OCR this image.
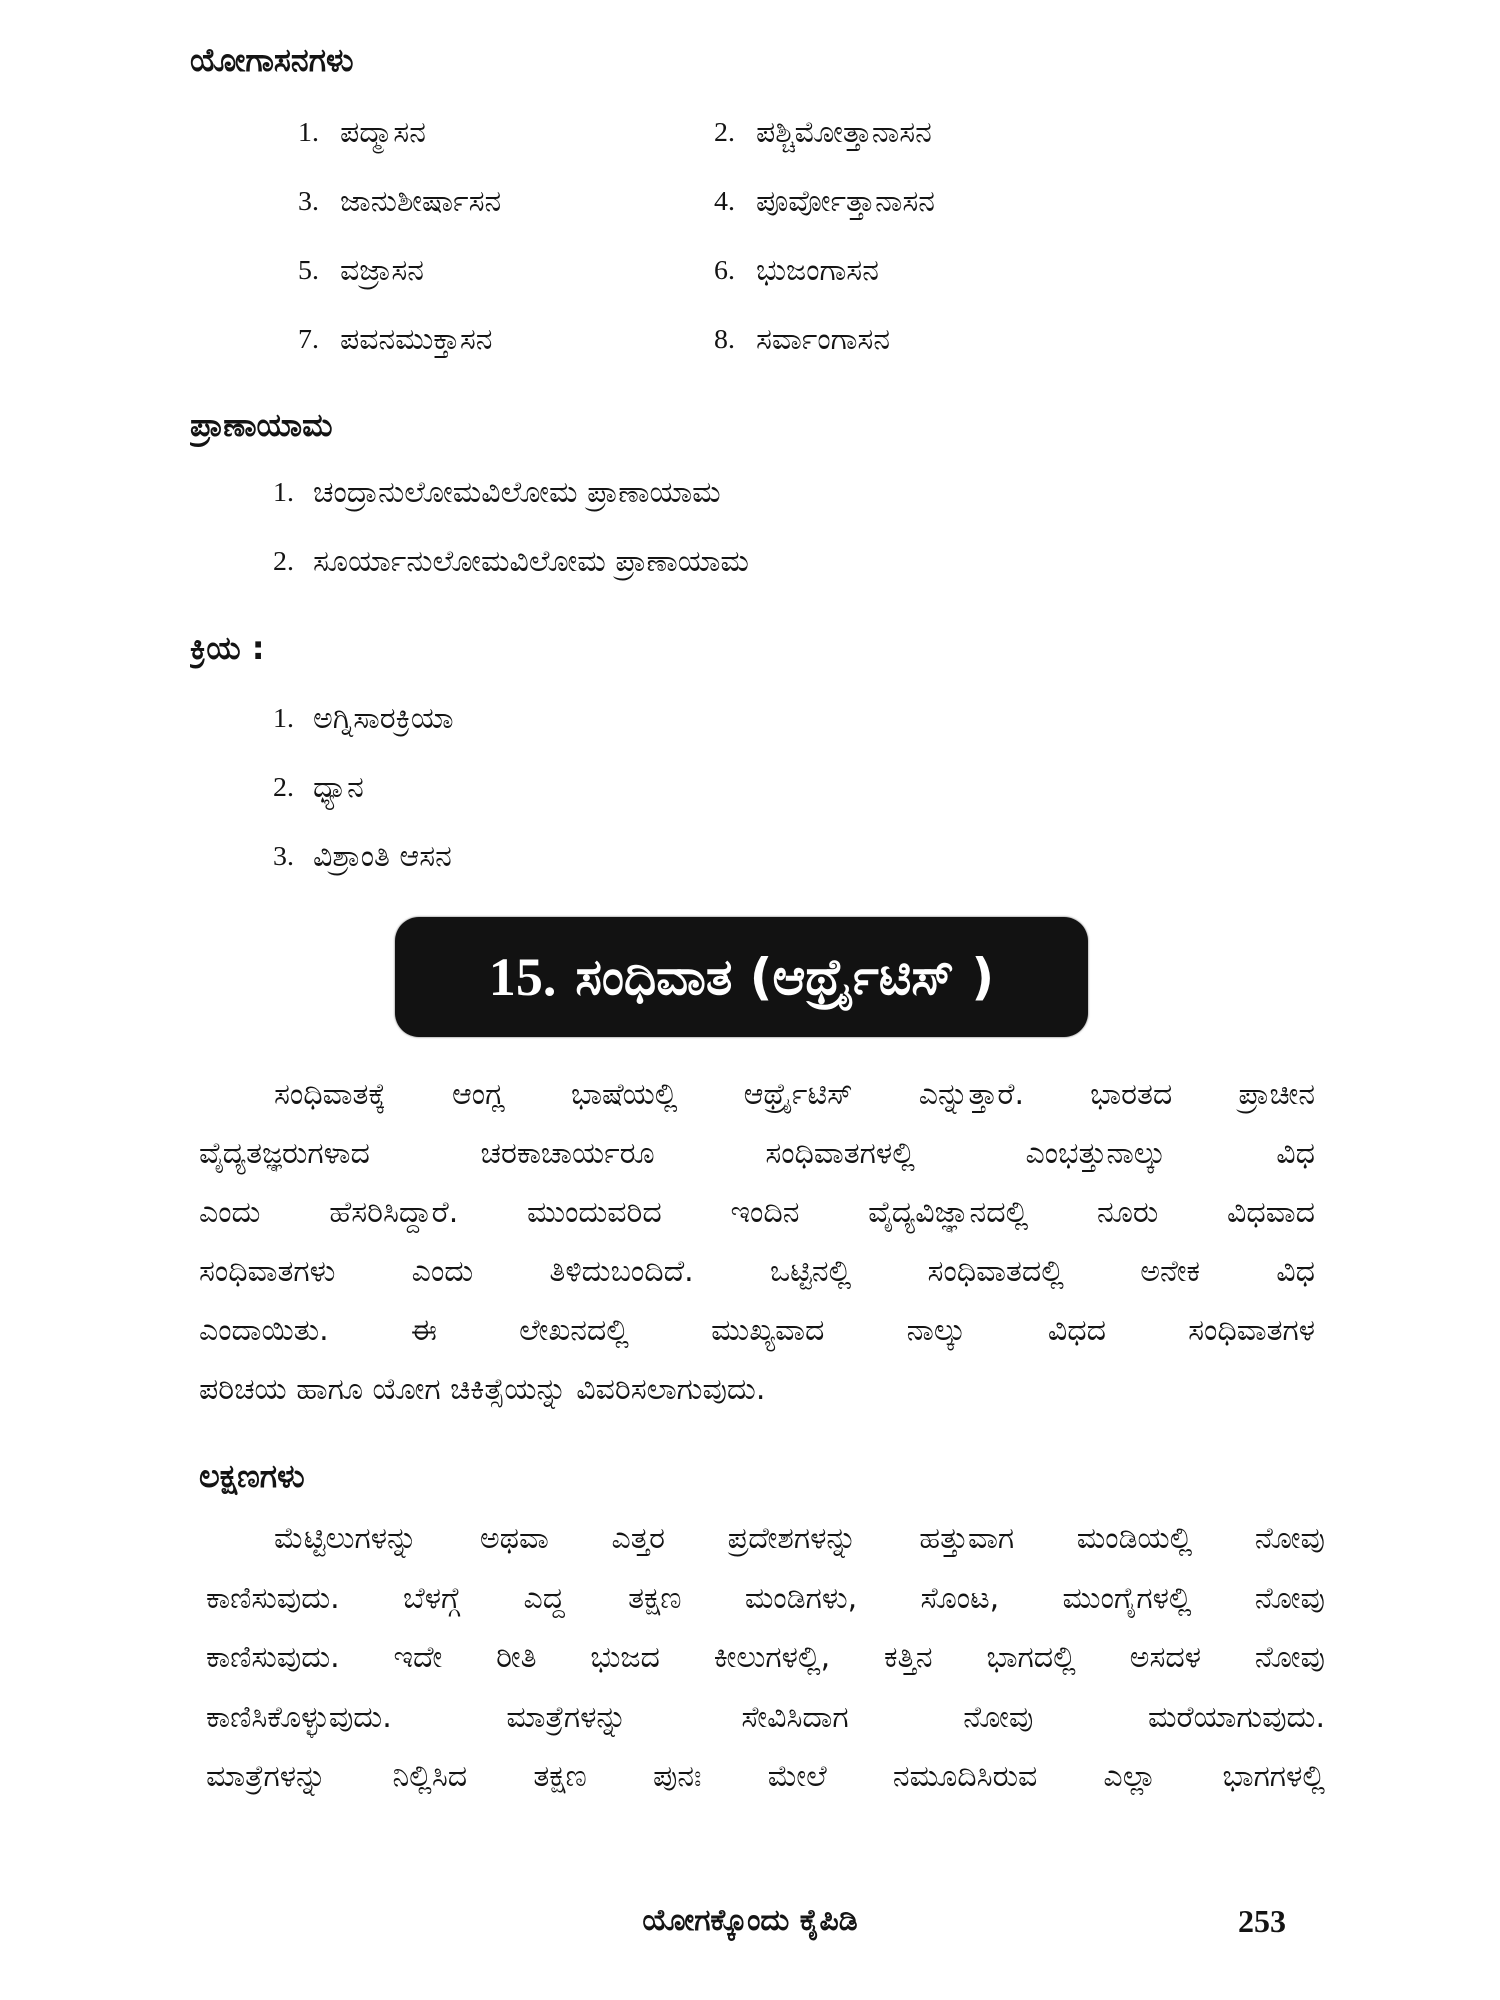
ಯೋಗಾಸನಗಳು
1. ಪದ್ಮಾಸನ	2. ಪಶ್ಚಿಮೋತ್ತಾನಾಸನ
3. ಜಾನುಶೀರ್ಷಾಸನ	4. ಪೂರ್ವೋತ್ತಾನಾಸನ
5. ವಜ್ರಾಸನ	6. ಭುಜಂಗಾಸನ
7. ಪವನಮುಕ್ತಾಸನ	8. ಸರ್ವಾಂಗಾಸನ
ಪ್ರಾಣಾಯಾಮ
1. ಚಂದ್ರಾನುಲೋಮವಿಲೋಮ ಪ್ರಾಣಾಯಾಮ
2. ಸೂರ್ಯಾನುಲೋಮವಿಲೋಮ ಪ್ರಾಣಾಯಾಮ
ಕ್ರಿಯ :
1. ಅಗ್ನಿಸಾರಕ್ರಿಯಾ
2. ಧ್ಯಾನ
3. ವಿಶ್ರಾಂತಿ ಆಸನ
15. ಸಂಧಿವಾತ (ಆರ್ಥ್ರೈಟಿಸ್ )
ಸಂಧಿವಾತಕ್ಕೆ ಆಂಗ್ಲ ಭಾಷೆಯಲ್ಲಿ ಆರ್ಥ್ರೈಟಿಸ್ ಎನ್ನುತ್ತಾರೆ. ಭಾರತದ ಪ್ರಾಚೀನ
ವೈದ್ಯತಜ್ಞರುಗಳಾದ ಚರಕಾಚಾರ್ಯರೂ ಸಂಧಿವಾತಗಳಲ್ಲಿ ಎಂಭತ್ತುನಾಲ್ಕು ವಿಧ
ಎಂದು ಹೆಸರಿಸಿದ್ದಾರೆ. ಮುಂದುವರಿದ ಇಂದಿನ ವೈದ್ಯವಿಜ್ಞಾನದಲ್ಲಿ ನೂರು ವಿಧವಾದ
ಸಂಧಿವಾತಗಳು ಎಂದು ತಿಳಿದುಬಂದಿದೆ. ಒಟ್ಟಿನಲ್ಲಿ ಸಂಧಿವಾತದಲ್ಲಿ ಅನೇಕ ವಿಧ
ಎಂದಾಯಿತು. ಈ ಲೇಖನದಲ್ಲಿ ಮುಖ್ಯವಾದ ನಾಲ್ಕು ವಿಧದ ಸಂಧಿವಾತಗಳ
ಪರಿಚಯ ಹಾಗೂ ಯೋಗ ಚಿಕಿತ್ಸೆಯನ್ನು ವಿವರಿಸಲಾಗುವುದು.
ಲಕ್ಷಣಗಳು
ಮೆಟ್ಟಿಲುಗಳನ್ನು ಅಥವಾ ಎತ್ತರ ಪ್ರದೇಶಗಳನ್ನು ಹತ್ತುವಾಗ ಮಂಡಿಯಲ್ಲಿ ನೋವು
ಕಾಣಿಸುವುದು. ಬೆಳಗ್ಗೆ ಎದ್ದ ತಕ್ಷಣ ಮಂಡಿಗಳು, ಸೊಂಟ, ಮುಂಗೈಗಳಲ್ಲಿ ನೋವು
ಕಾಣಿಸುವುದು. ಇದೇ ರೀತಿ ಭುಜದ ಕೀಲುಗಳಲ್ಲಿ, ಕತ್ತಿನ ಭಾಗದಲ್ಲಿ ಅಸದಳ ನೋವು
ಕಾಣಿಸಿಕೊಳ್ಳುವುದು. ಮಾತ್ರೆಗಳನ್ನು ಸೇವಿಸಿದಾಗ ನೋವು ಮರೆಯಾಗುವುದು.
ಮಾತ್ರೆಗಳನ್ನು ನಿಲ್ಲಿಸಿದ ತಕ್ಷಣ ಪುನಃ ಮೇಲೆ ನಮೂದಿಸಿರುವ ಎಲ್ಲಾ ಭಾಗಗಳಲ್ಲಿ
ಯೋಗಕ್ಕೊಂದು ಕೈಪಿಡಿ	253
